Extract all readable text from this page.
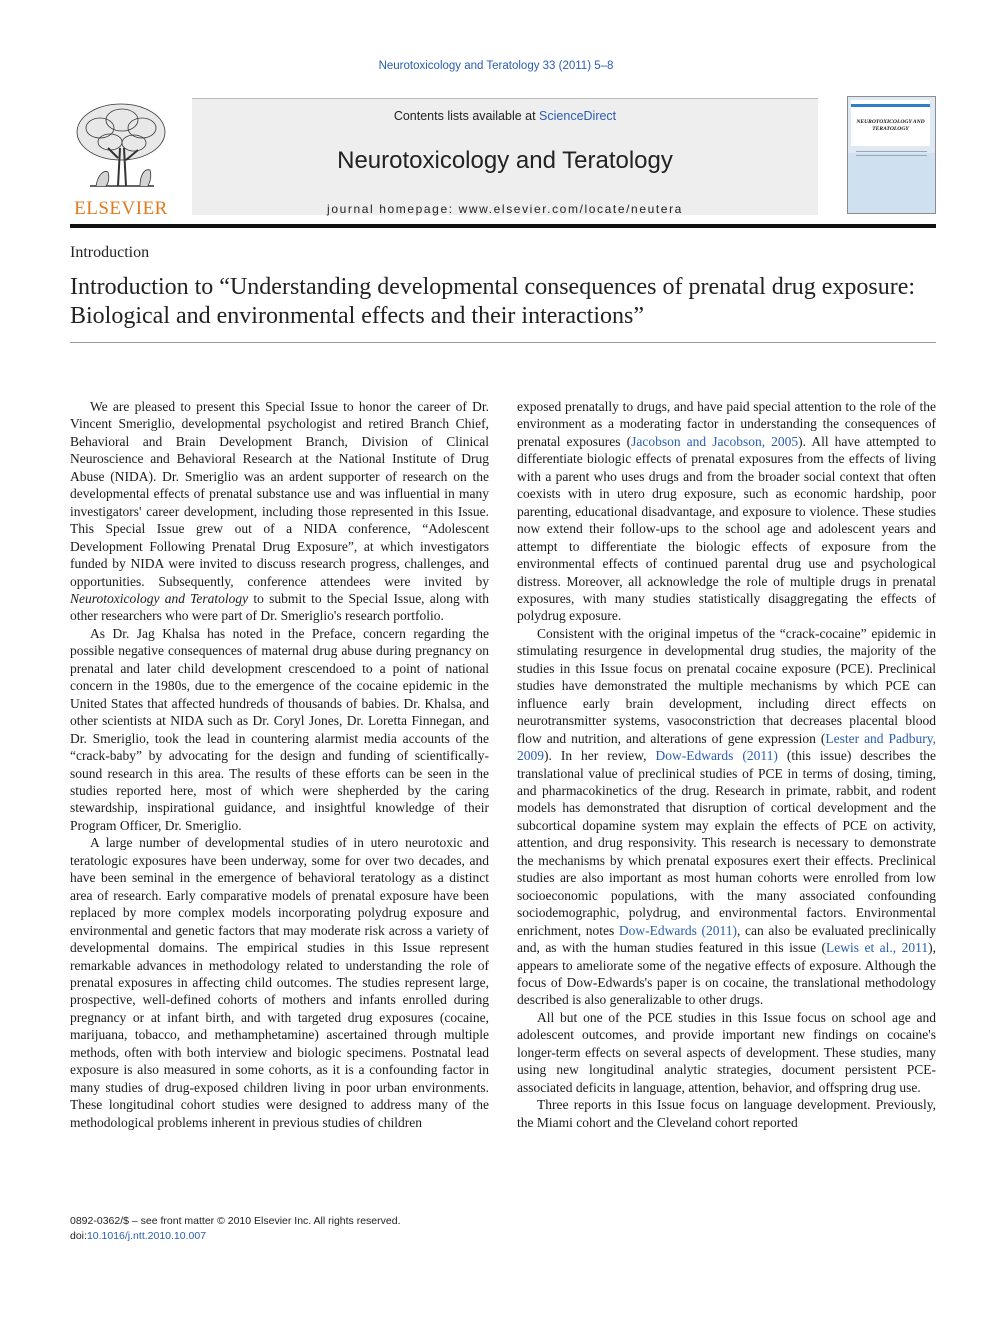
Neurotoxicology and Teratology 33 (2011) 5–8
ELSEVIER
Contents lists available at ScienceDirect
Neurotoxicology and Teratology
journal homepage: www.elsevier.com/locate/neutera
NEUROTOXICOLOGY AND TERATOLOGY
Introduction
Introduction to “Understanding developmental consequences of prenatal drug exposure: Biological and environmental effects and their interactions”

We are pleased to present this Special Issue to honor the career of Dr. Vincent Smeriglio, developmental psychologist and retired Branch Chief, Behavioral and Brain Development Branch, Division of Clinical Neuroscience and Behavioral Research at the National Institute of Drug Abuse (NIDA). Dr. Smeriglio was an ardent supporter of research on the developmental effects of prenatal substance use and was influential in many investigators' career development, including those represented in this Issue. This Special Issue grew out of a NIDA conference, “Adolescent Development Following Prenatal Drug Exposure”, at which investigators funded by NIDA were invited to discuss research progress, challenges, and opportunities. Subsequently, conference attendees were invited by Neurotoxicology and Teratology to submit to the Special Issue, along with other researchers who were part of Dr. Smeriglio's research portfolio.

As Dr. Jag Khalsa has noted in the Preface, concern regarding the possible negative consequences of maternal drug abuse during pregnancy on prenatal and later child development crescendoed to a point of national concern in the 1980s, due to the emergence of the cocaine epidemic in the United States that affected hundreds of thousands of babies. Dr. Khalsa, and other scientists at NIDA such as Dr. Coryl Jones, Dr. Loretta Finnegan, and Dr. Smeriglio, took the lead in countering alarmist media accounts of the “crack-baby” by advocating for the design and funding of scientifically-sound research in this area. The results of these efforts can be seen in the studies reported here, most of which were shepherded by the caring stewardship, inspirational guidance, and insightful knowledge of their Program Officer, Dr. Smeriglio.

A large number of developmental studies of in utero neurotoxic and teratologic exposures have been underway, some for over two decades, and have been seminal in the emergence of behavioral teratology as a distinct area of research. Early comparative models of prenatal exposure have been replaced by more complex models incorporating polydrug exposure and environmental and genetic factors that may moderate risk across a variety of developmental domains. The empirical studies in this Issue represent remarkable advances in methodology related to understanding the role of prenatal exposures in affecting child outcomes. The studies represent large, prospective, well-defined cohorts of mothers and infants enrolled during pregnancy or at infant birth, and with targeted drug exposures (cocaine, marijuana, tobacco, and methamphetamine) ascertained through multiple methods, often with both interview and biologic specimens. Postnatal lead exposure is also measured in some cohorts, as it is a confounding factor in many studies of drug-exposed children living in poor urban environments. These longitudinal cohort studies were designed to address many of the methodological problems inherent in previous studies of children

exposed prenatally to drugs, and have paid special attention to the role of the environment as a moderating factor in understanding the consequences of prenatal exposures (Jacobson and Jacobson, 2005). All have attempted to differentiate biologic effects of prenatal exposures from the effects of living with a parent who uses drugs and from the broader social context that often coexists with in utero drug exposure, such as economic hardship, poor parenting, educational disadvantage, and exposure to violence. These studies now extend their follow-ups to the school age and adolescent years and attempt to differentiate the biologic effects of exposure from the environmental effects of continued parental drug use and psychological distress. Moreover, all acknowledge the role of multiple drugs in prenatal exposures, with many studies statistically disaggregating the effects of polydrug exposure.

Consistent with the original impetus of the “crack-cocaine” epidemic in stimulating resurgence in developmental drug studies, the majority of the studies in this Issue focus on prenatal cocaine exposure (PCE). Preclinical studies have demonstrated the multiple mechanisms by which PCE can influence early brain development, including direct effects on neurotransmitter systems, vasoconstriction that decreases placental blood flow and nutrition, and alterations of gene expression (Lester and Padbury, 2009). In her review, Dow-Edwards (2011) (this issue) describes the translational value of preclinical studies of PCE in terms of dosing, timing, and pharmacokinetics of the drug. Research in primate, rabbit, and rodent models has demonstrated that disruption of cortical development and the subcortical dopamine system may explain the effects of PCE on activity, attention, and drug responsivity. This research is necessary to demonstrate the mechanisms by which prenatal exposures exert their effects. Preclinical studies are also important as most human cohorts were enrolled from low socioeconomic populations, with the many associated confounding sociodemographic, polydrug, and environmental factors. Environmental enrichment, notes Dow-Edwards (2011), can also be evaluated preclinically and, as with the human studies featured in this issue (Lewis et al., 2011), appears to ameliorate some of the negative effects of exposure. Although the focus of Dow-Edwards's paper is on cocaine, the translational methodology described is also generalizable to other drugs.

All but one of the PCE studies in this Issue focus on school age and adolescent outcomes, and provide important new findings on cocaine's longer-term effects on several aspects of development. These studies, many using new longitudinal analytic strategies, document persistent PCE-associated deficits in language, attention, behavior, and offspring drug use.

Three reports in this Issue focus on language development. Previously, the Miami cohort and the Cleveland cohort reported

0892-0362/$ – see front matter © 2010 Elsevier Inc. All rights reserved.
doi:10.1016/j.ntt.2010.10.007
